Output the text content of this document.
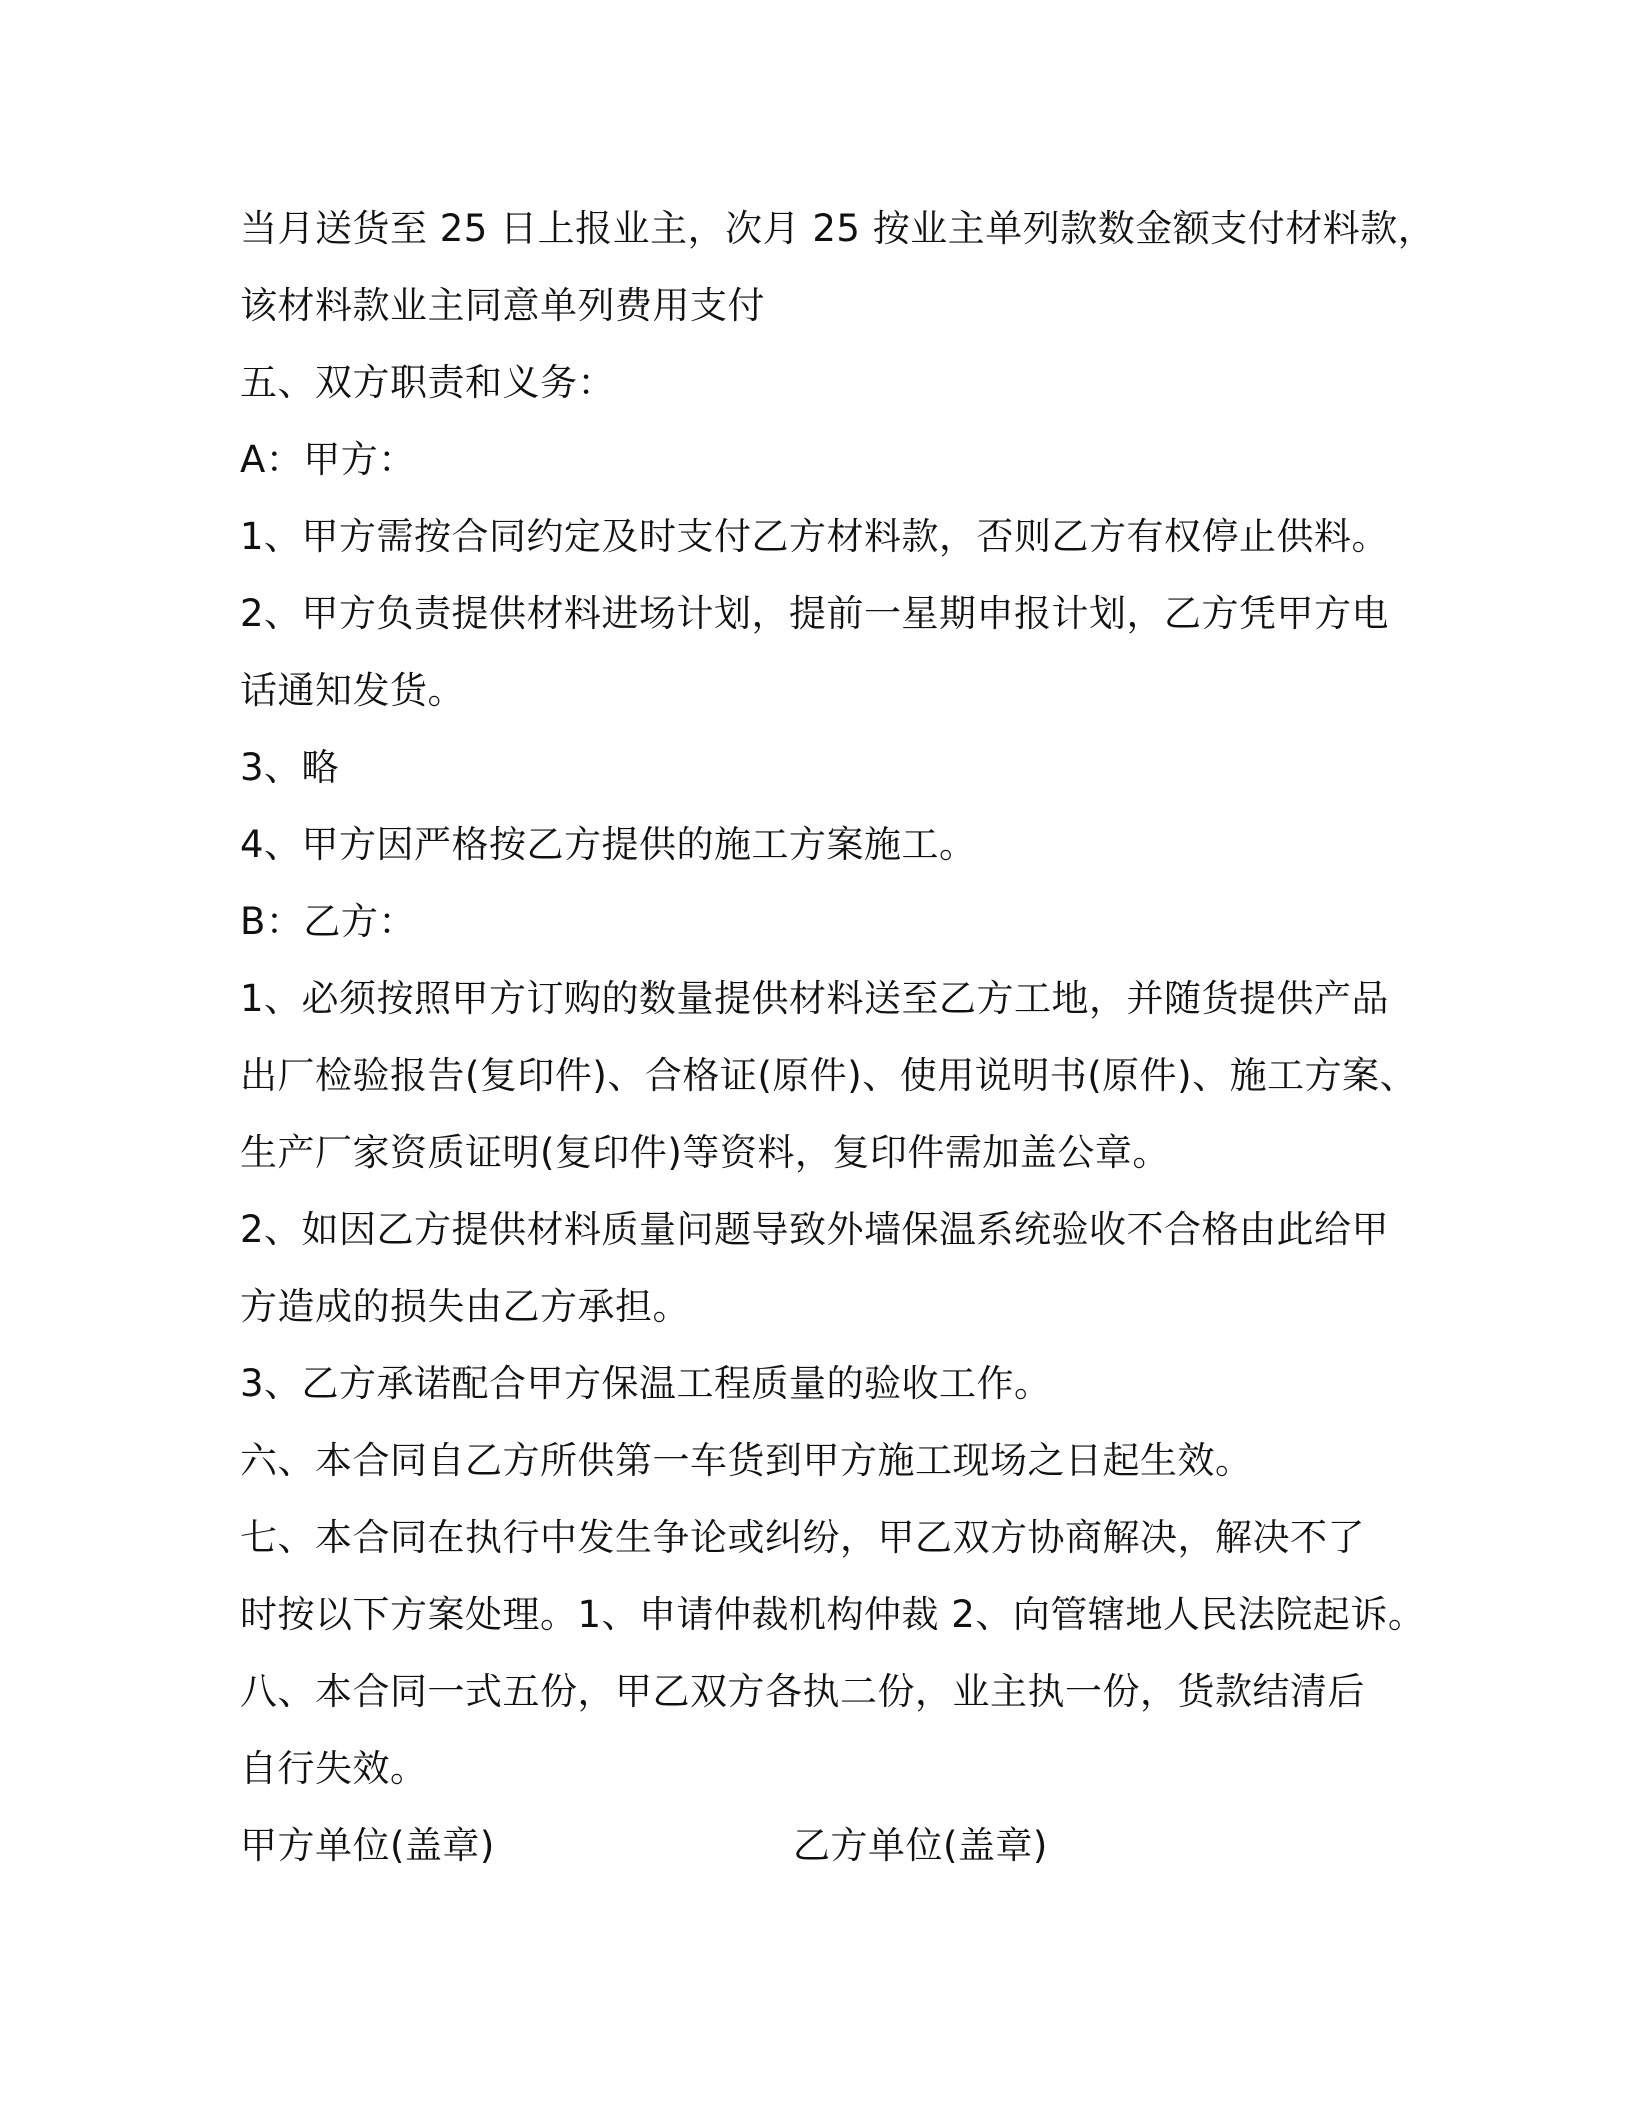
当月送货至 25 日上报业主，次月 25 按业主单列款数金额支付材料款，
该材料款业主同意单列费用支付
五、双方职责和义务：
A：甲方：
1、甲方需按合同约定及时支付乙方材料款，否则乙方有权停止供料。
2、甲方负责提供材料进场计划，提前一星期申报计划，乙方凭甲方电
话通知发货。
3、略
4、甲方因严格按乙方提供的施工方案施工。
B：乙方：
1、必须按照甲方订购的数量提供材料送至乙方工地，并随货提供产品
出厂检验报告(复印件)、合格证(原件)、使用说明书(原件)、施工方案、
生产厂家资质证明(复印件)等资料，复印件需加盖公章。
2、如因乙方提供材料质量问题导致外墙保温系统验收不合格由此给甲
方造成的损失由乙方承担。
3、乙方承诺配合甲方保温工程质量的验收工作。
六、本合同自乙方所供第一车货到甲方施工现场之日起生效。
七、本合同在执行中发生争论或纠纷，甲乙双方协商解决，解决不了
时按以下方案处理。1、申请仲裁机构仲裁 2、向管辖地人民法院起诉。
八、本合同一式五份，甲乙双方各执二份，业主执一份，货款结清后
自行失效。
甲方单位(盖章)	乙方单位(盖章)
